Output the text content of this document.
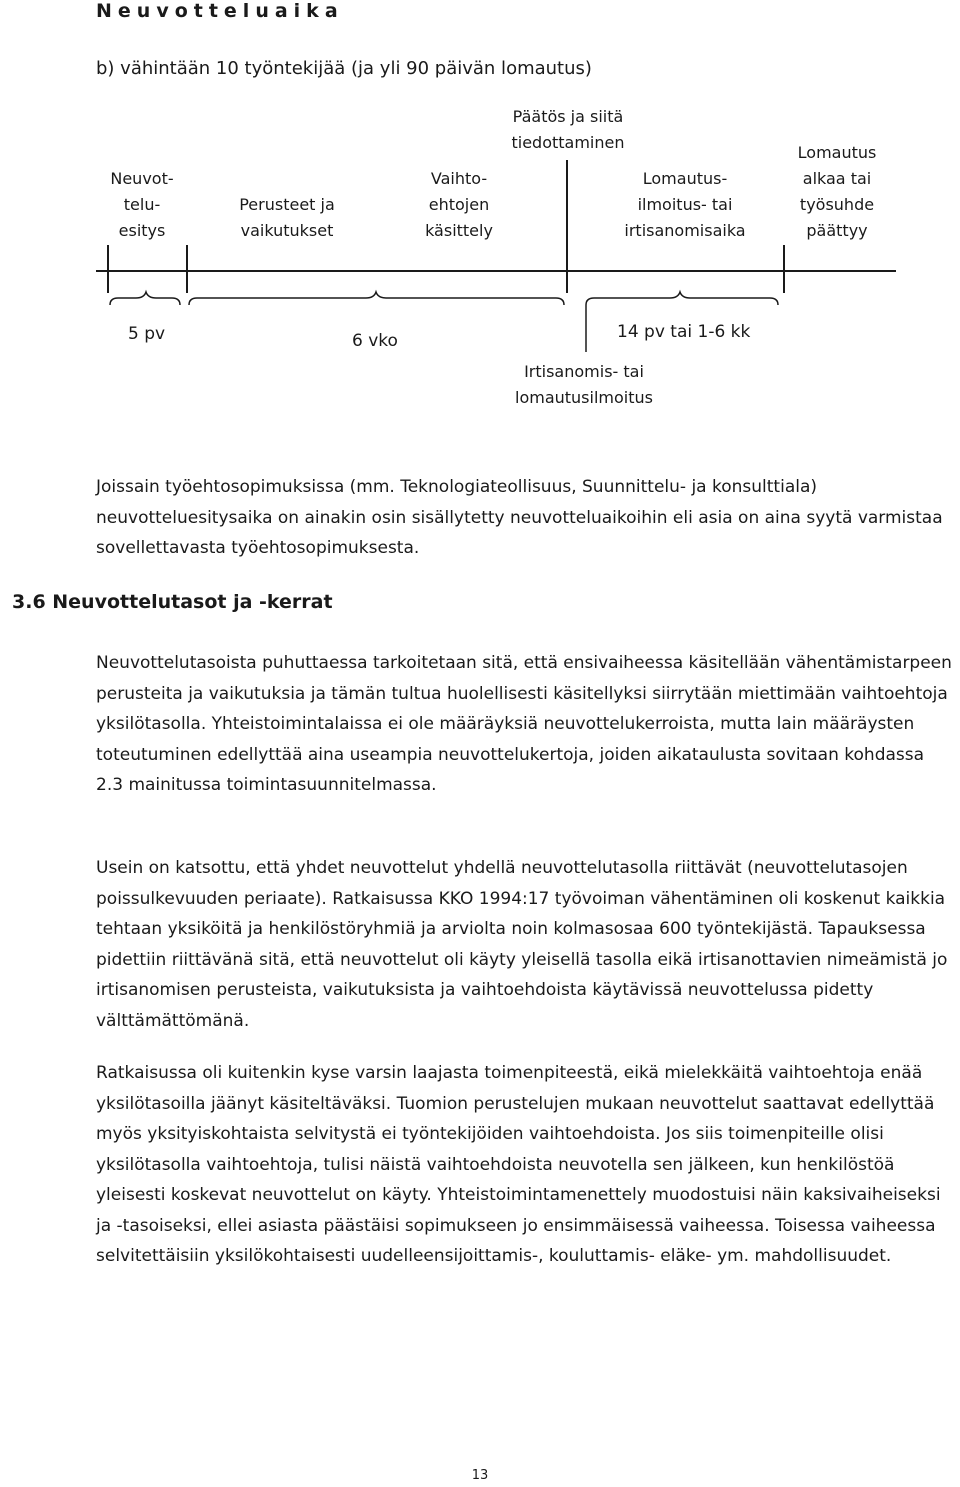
Neuvotteluaika
b) vähintään 10 työntekijää (ja yli 90 päivän lomautus)
Neuvot-
telu-
esitys
Perusteet ja
vaikutukset
Vaihto-
ehtojen
käsittely
Päätös ja siitä
tiedottaminen
Lomautus-
ilmoitus- tai
irtisanomisaika
Lomautus
alkaa tai
työsuhde
päättyy
5 pv	6 vko	14 pv tai 1-6 kk
Irtisanomis- tai
lomautusilmoitus

Joissain työehtosopimuksissa (mm. Teknologiateollisuus, Suunnittelu- ja konsulttiala) neuvotteluesitysaika on ainakin osin sisällytetty neuvotteluaikoihin eli asia on aina syytä varmistaa sovellettavasta työehtosopimuksesta.

3.6 Neuvottelutasot ja -kerrat

Neuvottelutasoista puhuttaessa tarkoitetaan sitä, että ensivaiheessa käsitellään vähentämistarpeen perusteita ja vaikutuksia ja tämän tultua huolellisesti käsitellyksi siirrytään miettimään vaihtoehtoja yksilötasolla. Yhteistoimintalaissa ei ole määräyksiä neuvottelukerroista, mutta lain määräysten toteutuminen edellyttää aina useampia neuvottelukertoja, joiden aikataulusta sovitaan kohdassa 2.3 mainitussa toimintasuunnitelmassa.

Usein on katsottu, että yhdet neuvottelut yhdellä neuvottelutasolla riittävät (neuvottelutasojen poissulkevuuden periaate). Ratkaisussa KKO 1994:17 työvoiman vähentäminen oli koskenut kaikkia tehtaan yksiköitä ja henkilöstöryhmiä ja arviolta noin kolmasosaa 600 työntekijästä. Tapauksessa pidettiin riittävänä sitä, että neuvottelut oli käyty yleisellä tasolla eikä irtisanottavien nimeämistä jo irtisanomisen perusteista, vaikutuksista ja vaihtoehdoista käytävissä neuvottelussa pidetty välttämättömänä.

Ratkaisussa oli kuitenkin kyse varsin laajasta toimenpiteestä, eikä mielekkäitä vaihtoehtoja enää yksilötasoilla jäänyt käsiteltäväksi. Tuomion perustelujen mukaan neuvottelut saattavat edellyttää myös yksityiskohtaista selvitystä ei työntekijöiden vaihtoehdoista. Jos siis toimenpiteille olisi yksilötasolla vaihtoehtoja, tulisi näistä vaihtoehdoista neuvotella sen jälkeen, kun henkilöstöä yleisesti koskevat neuvottelut on käyty. Yhteistoimintamenettely muodostuisi näin kaksivaiheiseksi ja -tasoiseksi, ellei asiasta päästäisi sopimukseen jo ensimmäisessä vaiheessa. Toisessa vaiheessa selvitettäisiin yksilökohtaisesti uudelleensijoittamis-, kouluttamis- eläke- ym. mahdollisuudet.

13
